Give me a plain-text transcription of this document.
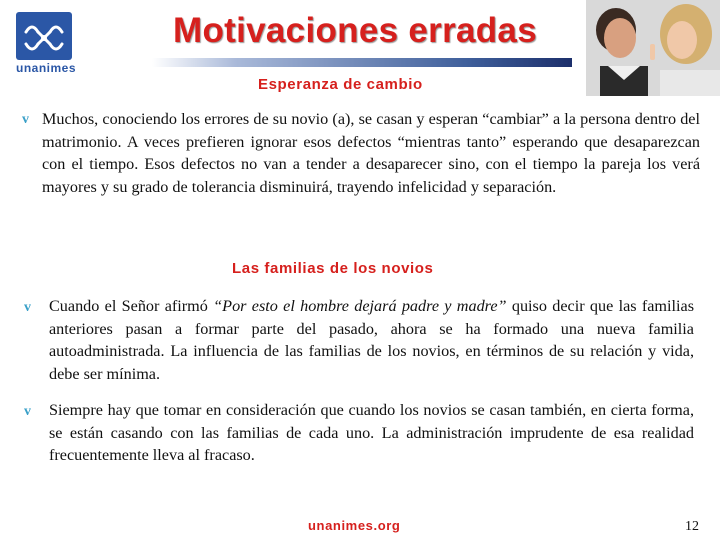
unanimes
Motivaciones erradas
Esperanza de cambio
v Muchos, conociendo los errores de su novio (a), se casan y esperan “cambiar” a la persona dentro del matrimonio. A veces prefieren ignorar esos defectos “mientras tanto” esperando que desaparezcan con el tiempo. Esos defectos no van a tender a desaparecer sino, con el tiempo la pareja los verá mayores y su grado de tolerancia disminuirá, trayendo infelicidad y separación.
Las familias de los novios
v Cuando el Señor afirmó “Por esto el hombre dejará padre y madre” quiso decir que las familias anteriores pasan a formar parte del pasado, ahora se ha formado una nueva familia autoadministrada. La influencia de las familias de los novios, en términos de su relación y vida, debe ser mínima.
v Siempre hay que tomar en consideración que cuando los novios se casan también, en cierta forma, se están casando con las familias de cada uno. La administración imprudente de esa realidad frecuentemente lleva al fracaso.
unanimes.org	12
